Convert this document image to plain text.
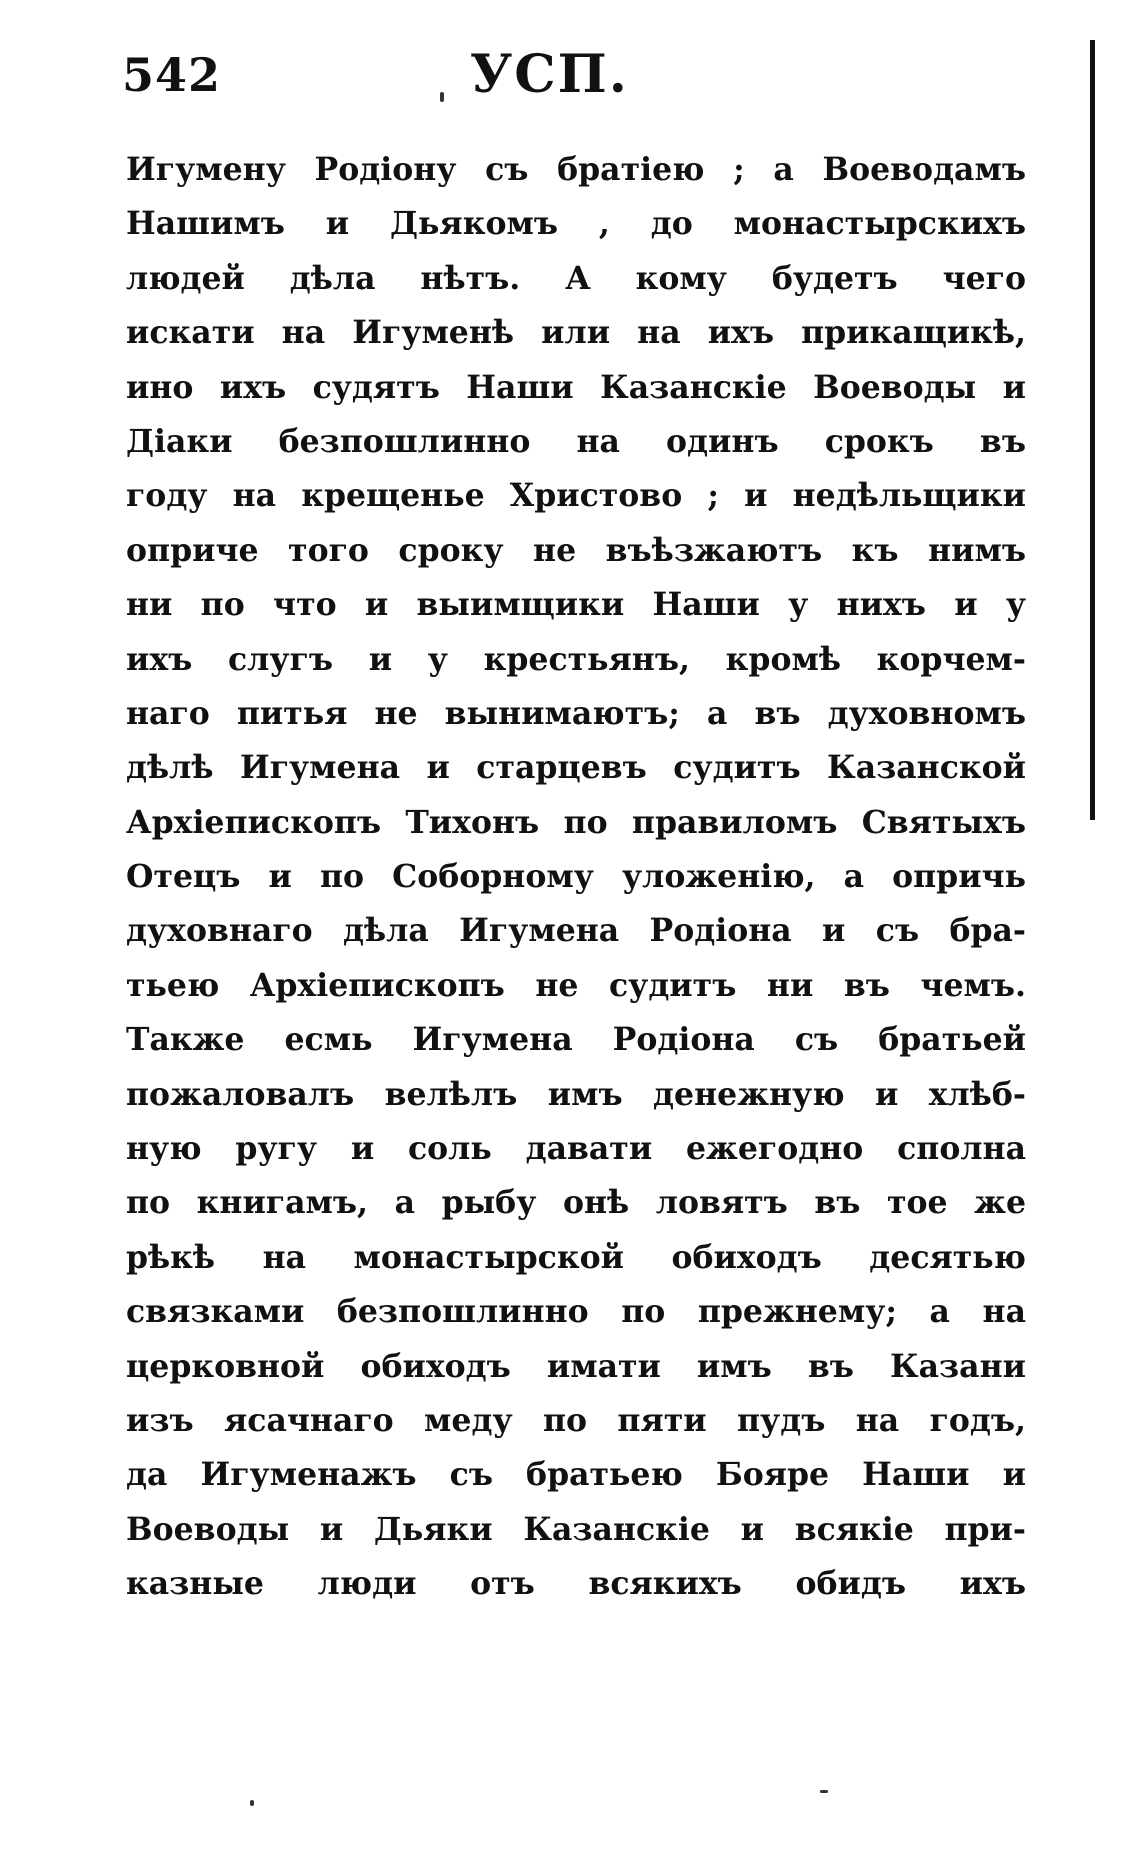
542	УСП.
Игумену Родіону съ братіею ; а Воеводамъ
Нашимъ и Дьякомъ , до монастырскихъ
людей дѣла нѣтъ. А кому будетъ чего
искати на Игуменѣ или на ихъ прикащикѣ,
ино ихъ судятъ Наши Казанскіе Воеводы и
Діаки безпошлинно на одинъ срокъ въ
году на крещенье Христово ; и недѣльщики
оприче того сроку не въѣзжаютъ къ нимъ
ни по что и выимщики Наши у нихъ и у
ихъ слугъ и у крестьянъ, кромѣ корчем-
наго питья не вынимаютъ; а въ духовномъ
дѣлѣ Игумена и старцевъ судитъ Казанской
Архіепископъ Тихонъ по правиломъ Святыхъ
Отецъ и по Соборному уложенію, а опричь
духовнаго дѣла Игумена Родіона и съ бра-
тьею Архіепископъ не судитъ ни въ чемъ.
Также есмь Игумена Родіона съ братьей
пожаловалъ велѣлъ имъ денежную и хлѣб-
ную ругу и соль давати ежегодно сполна
по книгамъ, а рыбу онѣ ловятъ въ тое же
рѣкѣ на монастырской обиходъ десятью
связками безпошлинно по прежнему; а на
церковной обиходъ имати имъ въ Казани
изъ ясачнаго меду по пяти пудъ на годъ,
да Игуменажъ съ братьею Бояре Наши и
Воеводы и Дьяки Казанскіе и всякіе при-
казные люди отъ всякихъ обидъ ихъ
